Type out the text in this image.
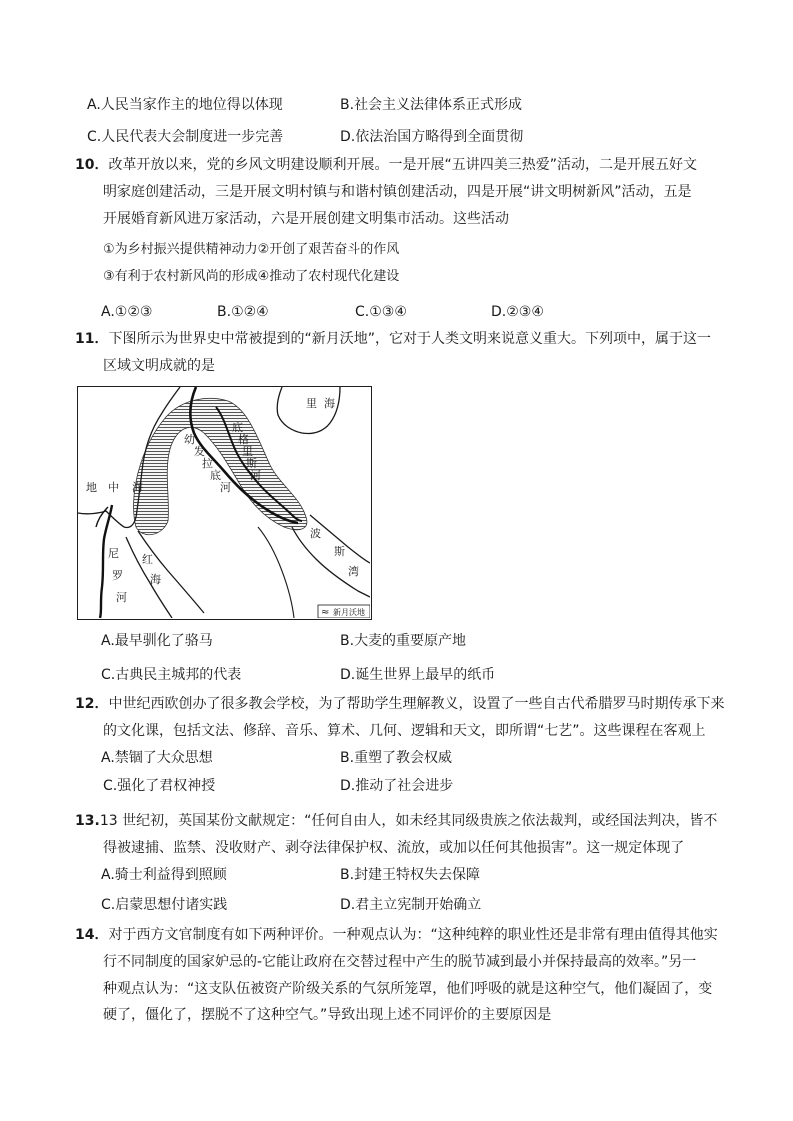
A.人民当家作主的地位得以体现	B.社会主义法律体系正式形成
C.人民代表大会制度进一步完善	D.依法治国方略得到全面贯彻
10．改革开放以来，党的乡风文明建设顺利开展。一是开展“五讲四美三热爱”活动，二是开展五好文
明家庭创建活动，三是开展文明村镇与和谐村镇创建活动，四是开展“讲文明树新风”活动，五是
开展婚育新风进万家活动，六是开展创建文明集市活动。这些活动
①为乡村振兴提供精神动力②开创了艰苦奋斗的作风
③有利于农村新风尚的形成④推动了农村现代化建设
A.①②③	B.①②④	C.①③④	D.②③④
11．下图所示为世界史中常被提到的“新月沃地”，它对于人类文明来说意义重大。下列项中，属于这一
区域文明成就的是
里 海
地 中 海
幼
发
拉
底
河
底
格
里
斯
河
尼
罗
河
红
海
波
斯
湾
≈ 新月沃地
A.最早驯化了骆马	B.大麦的重要原产地
C.古典民主城邦的代表	D.诞生世界上最早的纸币
12．中世纪西欧创办了很多教会学校，为了帮助学生理解教义，设置了一些自古代希腊罗马时期传承下来
的文化课，包括文法、修辞、音乐、算术、几何、逻辑和天文，即所谓“七艺”。这些课程在客观上
A.禁锢了大众思想	B.重塑了教会权威
C.强化了君权神授	D.推动了社会进步
13.13 世纪初，英国某份文献规定：“任何自由人，如未经其同级贵族之依法裁判，或经国法判决，皆不
得被逮捕、监禁、没收财产、剥夺法律保护权、流放，或加以任何其他损害”。这一规定体现了
A.骑士利益得到照顾	B.封建王特权失去保障
C.启蒙思想付诸实践	D.君主立宪制开始确立
14．对于西方文官制度有如下两种评价。一种观点认为：“这种纯粹的职业性还是非常有理由值得其他实
行不同制度的国家妒忌的-它能让政府在交替过程中产生的脱节减到最小并保持最高的效率。”另一
种观点认为：“这支队伍被资产阶级关系的气氛所笼罩，他们呼吸的就是这种空气，他们凝固了，变
硬了，僵化了，摆脱不了这种空气。”导致出现上述不同评价的主要原因是
